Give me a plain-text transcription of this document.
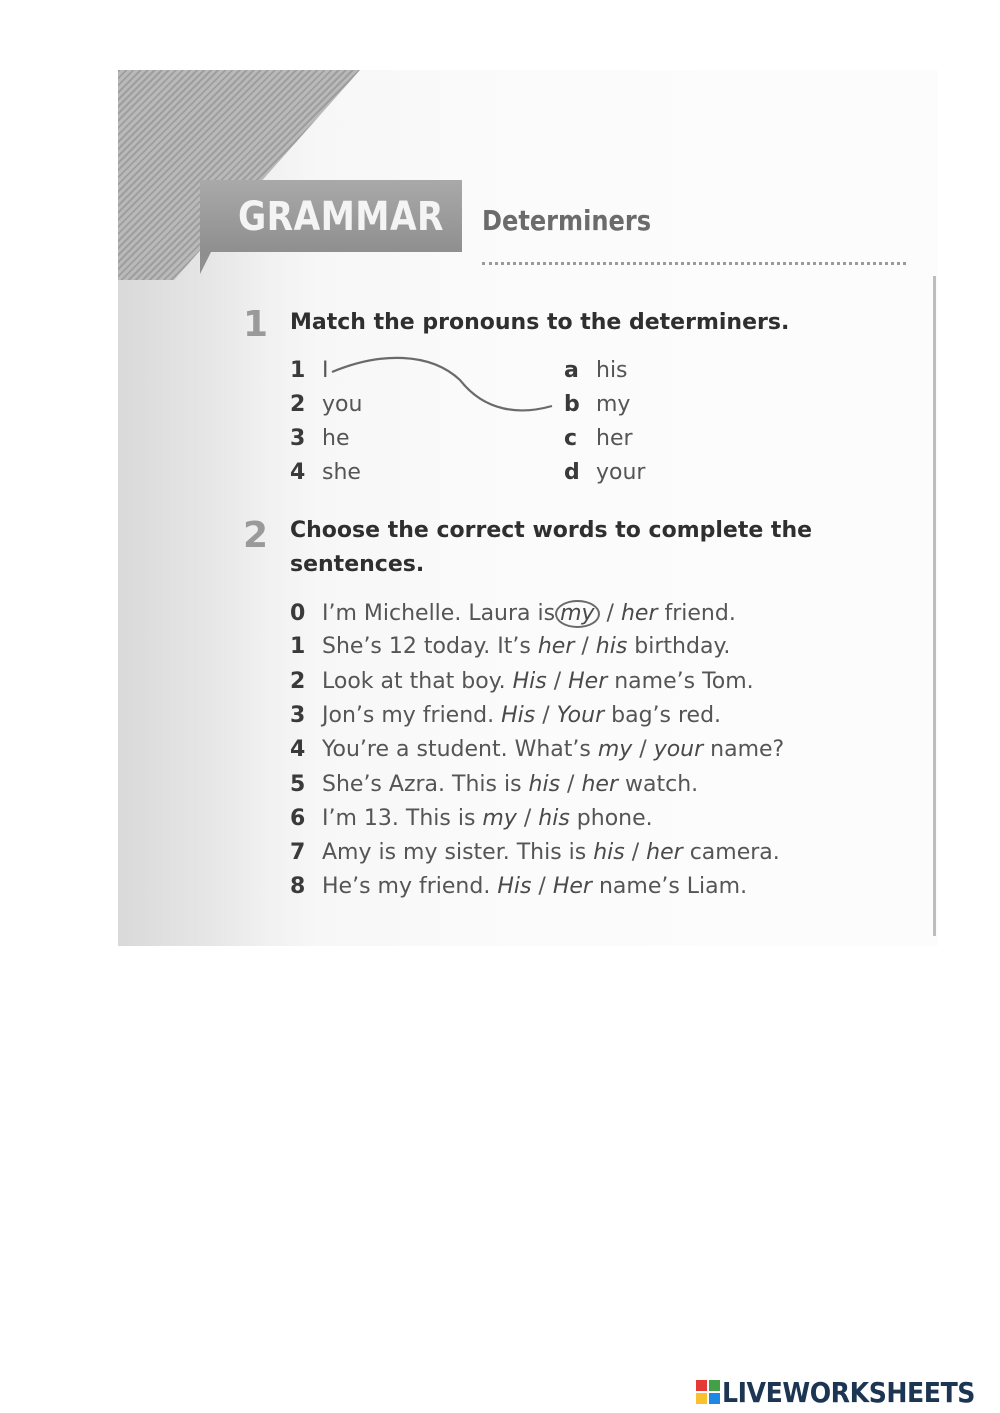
GRAMMAR Determiners
1 Match the pronouns to the determiners.
1 I
2 you
3 he
4 she
a his
b my
c her
d your
2 Choose the correct words to complete the
sentences.
0 I’m Michelle. Laura is my / her friend.
1 She’s 12 today. It’s her / his birthday.
2 Look at that boy. His / Her name’s Tom.
3 Jon’s my friend. His / Your bag’s red.
4 You’re a student. What’s my / your name?
5 She’s Azra. This is his / her watch.
6 I’m 13. This is my / his phone.
7 Amy is my sister. This is his / her camera.
8 He’s my friend. His / Her name’s Liam.
LIVEWORKSHEETS
